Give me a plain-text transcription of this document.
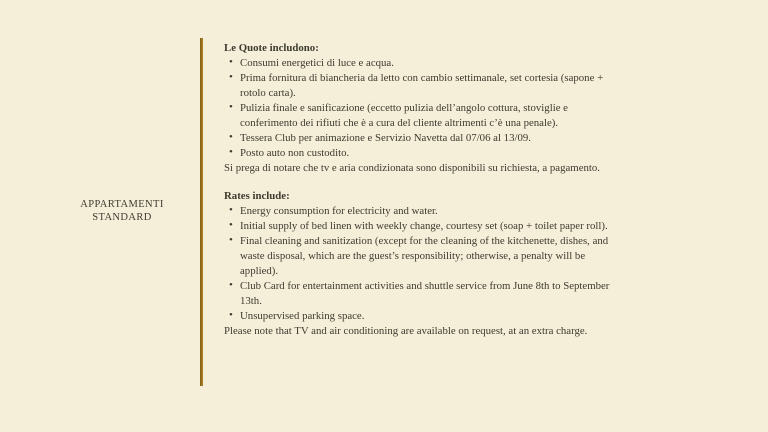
APPARTAMENTI
STANDARD
Le Quote includono:
• Consumi energetici di luce e acqua.
• Prima fornitura di biancheria da letto con cambio settimanale, set cortesia (sapone + rotolo carta).
• Pulizia finale e sanificazione (eccetto pulizia dell’angolo cottura, stoviglie e conferimento dei rifiuti che è a cura del cliente altrimenti c’è una penale).
• Tessera Club per animazione e Servizio Navetta dal 07/06 al 13/09.
• Posto auto non custodito.

Si prega di notare che tv e aria condizionata sono disponibili su richiesta, a pagamento.

Rates include:
• Energy consumption for electricity and water.
• Initial supply of bed linen with weekly change, courtesy set (soap + toilet paper roll).
• Final cleaning and sanitization (except for the cleaning of the kitchenette, dishes, and waste disposal, which are the guest’s responsibility; otherwise, a penalty will be applied).
• Club Card for entertainment activities and shuttle service from June 8th to September 13th.
• Unsupervised parking space.

Please note that TV and air conditioning are available on request, at an extra charge.
